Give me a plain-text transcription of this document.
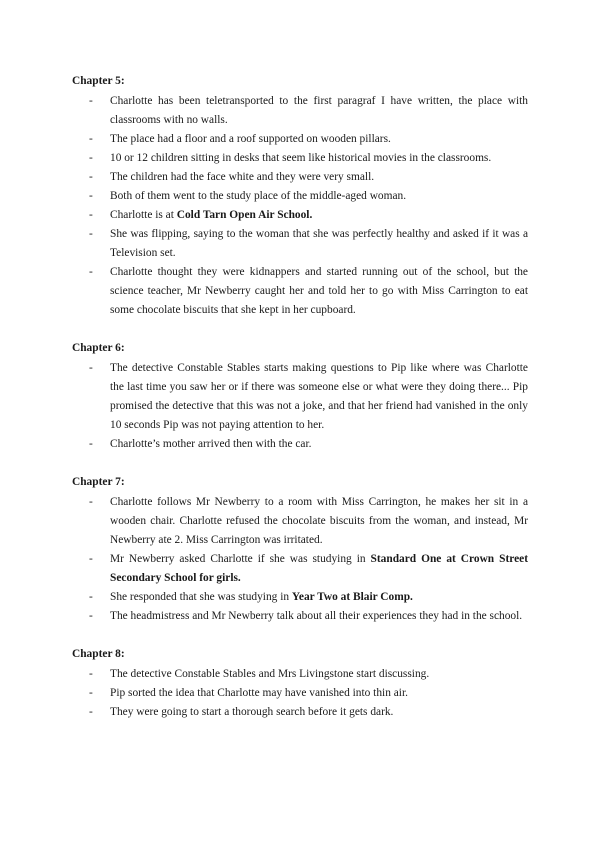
Chapter 5:
- Charlotte has been teletransported to the first paragraf I have written, the place with classrooms with no walls.
- The place had a floor and a roof supported on wooden pillars.
- 10 or 12 children sitting in desks that seem like historical movies in the classrooms.
- The children had the face white and they were very small.
- Both of them went to the study place of the middle-aged woman.
- Charlotte is at Cold Tarn Open Air School.
- She was flipping, saying to the woman that she was perfectly healthy and asked if it was a Television set.
- Charlotte thought they were kidnappers and started running out of the school, but the science teacher, Mr Newberry caught her and told her to go with Miss Carrington to eat some chocolate biscuits that she kept in her cupboard.
Chapter 6:
- The detective Constable Stables starts making questions to Pip like where was Charlotte the last time you saw her or if there was someone else or what were they doing there... Pip promised the detective that this was not a joke, and that her friend had vanished in the only 10 seconds Pip was not paying attention to her.
- Charlotte’s mother arrived then with the car.
Chapter 7:
- Charlotte follows Mr Newberry to a room with Miss Carrington, he makes her sit in a wooden chair. Charlotte refused the chocolate biscuits from the woman, and instead, Mr Newberry ate 2. Miss Carrington was irritated.
- Mr Newberry asked Charlotte if she was studying in Standard One at Crown Street Secondary School for girls.
- She responded that she was studying in Year Two at Blair Comp.
- The headmistress and Mr Newberry talk about all their experiences they had in the school.
Chapter 8:
- The detective Constable Stables and Mrs Livingstone start discussing.
- Pip sorted the idea that Charlotte may have vanished into thin air.
- They were going to start a thorough search before it gets dark.
